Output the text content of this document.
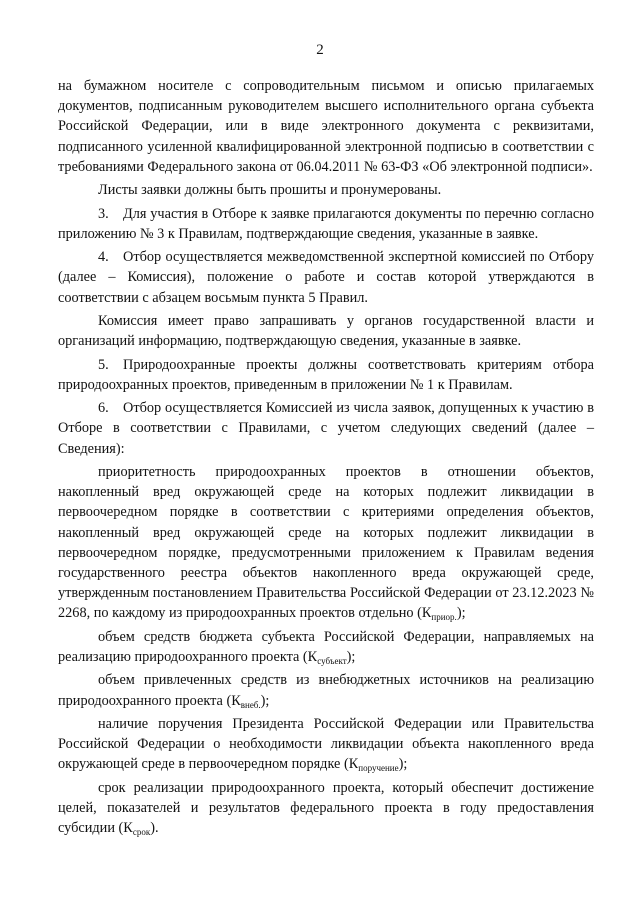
2

на бумажном носителе с сопроводительным письмом и описью прилагаемых документов, подписанным руководителем высшего исполнительного органа субъекта Российской Федерации, или в виде электронного документа с реквизитами, подписанного усиленной квалифицированной электронной подписью в соответствии с требованиями Федерального закона от 06.04.2011 № 63-ФЗ «Об электронной подписи».

Листы заявки должны быть прошиты и пронумерованы.

3. Для участия в Отборе к заявке прилагаются документы по перечню согласно приложению № 3 к Правилам, подтверждающие сведения, указанные в заявке.

4. Отбор осуществляется межведомственной экспертной комиссией по Отбору (далее – Комиссия), положение о работе и состав которой утверждаются в соответствии с абзацем восьмым пункта 5 Правил.

Комиссия имеет право запрашивать у органов государственной власти и организаций информацию, подтверждающую сведения, указанные в заявке.

5. Природоохранные проекты должны соответствовать критериям отбора природоохранных проектов, приведенным в приложении № 1 к Правилам.

6. Отбор осуществляется Комиссией из числа заявок, допущенных к участию в Отборе в соответствии с Правилами, с учетом следующих сведений (далее – Сведения):

приоритетность природоохранных проектов в отношении объектов, накопленный вред окружающей среде на которых подлежит ликвидации в первоочередном порядке в соответствии с критериями определения объектов, накопленный вред окружающей среде на которых подлежит ликвидации в первоочередном порядке, предусмотренными приложением к Правилам ведения государственного реестра объектов накопленного вреда окружающей среде, утвержденным постановлением Правительства Российской Федерации от 23.12.2023 № 2268, по каждому из природоохранных проектов отдельно $(К_{приор.})$;

объем средств бюджета субъекта Российской Федерации, направляемых на реализацию природоохранного проекта $(К_{субъект})$;

объем привлеченных средств из внебюджетных источников на реализацию природоохранного проекта $(К_{внеб.})$;

наличие поручения Президента Российской Федерации или Правительства Российской Федерации о необходимости ликвидации объекта накопленного вреда окружающей среде в первоочередном порядке $(К_{поручение})$;

срок реализации природоохранного проекта, который обеспечит достижение целей, показателей и результатов федерального проекта в году предоставления субсидии $(К_{срок})$.
